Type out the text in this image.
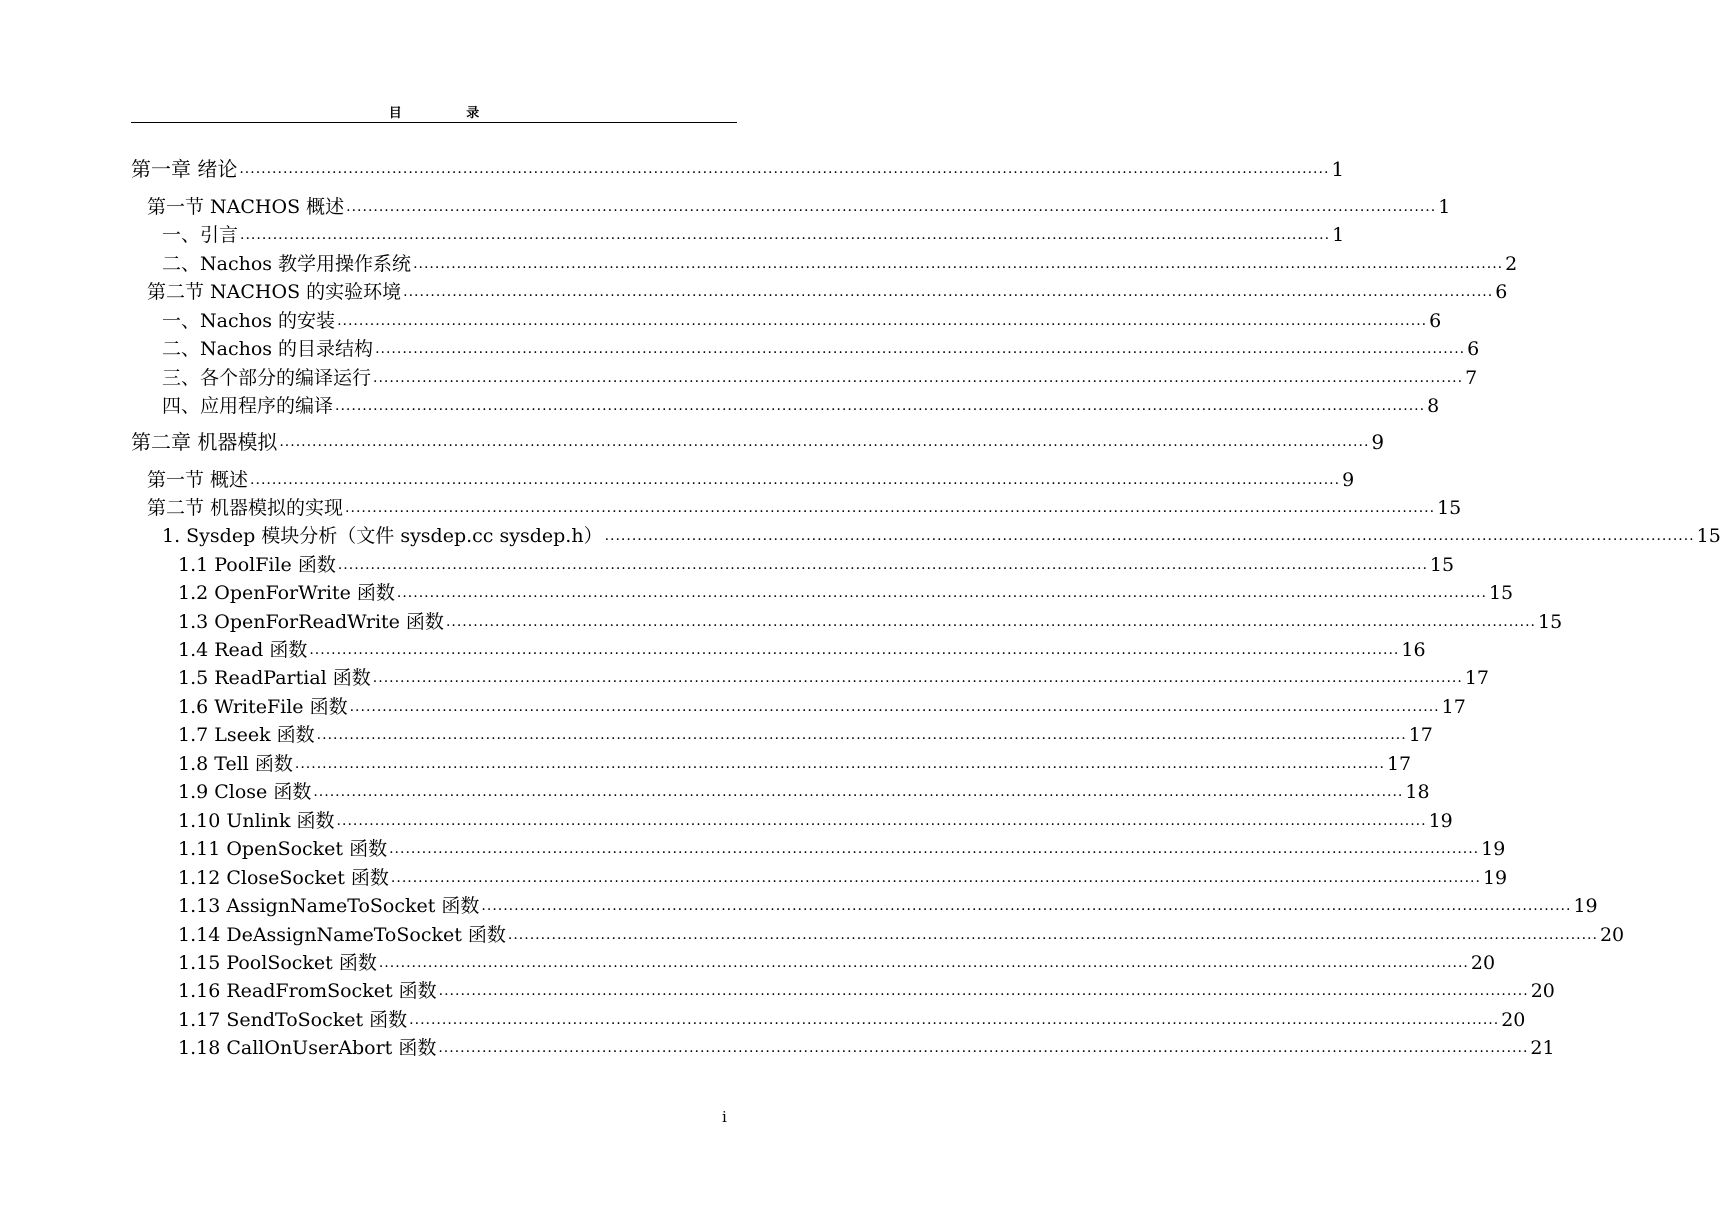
目 录
第一章 绪论 ........................................................................................................................................................................................................ 1
第一节 NACHOS 概述 ........................................................................................................................................................................................................ 1
一、引言 ........................................................................................................................................................................................................ 1
二、Nachos 教学用操作系统 ........................................................................................................................................................................................................ 2
第二节 NACHOS 的实验环境 ........................................................................................................................................................................................................ 6
一、Nachos 的安装 ........................................................................................................................................................................................................ 6
二、Nachos 的目录结构 ........................................................................................................................................................................................................ 6
三、各个部分的编译运行 ........................................................................................................................................................................................................ 7
四、应用程序的编译 ........................................................................................................................................................................................................ 8
第二章 机器模拟 ........................................................................................................................................................................................................ 9
第一节 概述 ........................................................................................................................................................................................................ 9
第二节 机器模拟的实现 ........................................................................................................................................................................................................ 15
1. Sysdep 模块分析（文件 sysdep.cc sysdep.h） ........................................................................................................................................................................................................ 15
1.1 PoolFile 函数 ........................................................................................................................................................................................................ 15
1.2 OpenForWrite 函数 ........................................................................................................................................................................................................ 15
1.3 OpenForReadWrite 函数 ........................................................................................................................................................................................................ 15
1.4 Read 函数 ........................................................................................................................................................................................................ 16
1.5 ReadPartial 函数 ........................................................................................................................................................................................................ 17
1.6 WriteFile 函数 ........................................................................................................................................................................................................ 17
1.7 Lseek 函数 ........................................................................................................................................................................................................ 17
1.8 Tell 函数 ........................................................................................................................................................................................................ 17
1.9 Close 函数 ........................................................................................................................................................................................................ 18
1.10 Unlink 函数 ........................................................................................................................................................................................................ 19
1.11 OpenSocket 函数 ........................................................................................................................................................................................................ 19
1.12 CloseSocket 函数 ........................................................................................................................................................................................................ 19
1.13 AssignNameToSocket 函数 ........................................................................................................................................................................................................ 19
1.14 DeAssignNameToSocket 函数 ........................................................................................................................................................................................................ 20
1.15 PoolSocket 函数 ........................................................................................................................................................................................................ 20
1.16 ReadFromSocket 函数 ........................................................................................................................................................................................................ 20
1.17 SendToSocket 函数 ........................................................................................................................................................................................................ 20
1.18 CallOnUserAbort 函数 ........................................................................................................................................................................................................ 21
i
